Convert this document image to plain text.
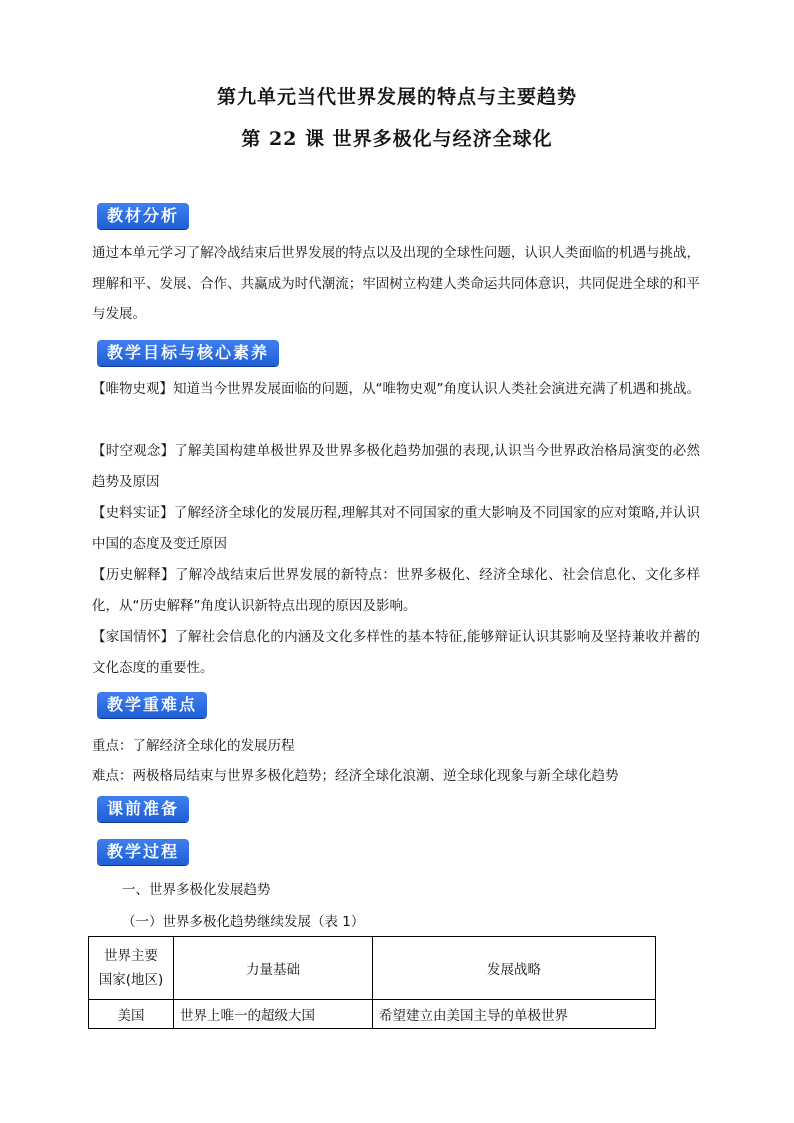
第九单元当代世界发展的特点与主要趋势
第 22 课 世界多极化与经济全球化
教材分析
通过本单元学习了解冷战结束后世界发展的特点以及出现的全球性问题，认识人类面临的机遇与挑战，理解和平、发展、合作、共赢成为时代潮流；牢固树立构建人类命运共同体意识，共同促进全球的和平与发展。
教学目标与核心素养
【唯物史观】知道当今世界发展面临的问题，从“唯物史观”角度认识人类社会演进充满了机遇和挑战。
【时空观念】了解美国构建单极世界及世界多极化趋势加强的表现,认识当今世界政治格局演变的必然趋势及原因
【史料实证】了解经济全球化的发展历程,理解其对不同国家的重大影响及不同国家的应对策略,并认识中国的态度及变迁原因
【历史解释】了解冷战结束后世界发展的新特点：世界多极化、经济全球化、社会信息化、文化多样化，从“历史解释”角度认识新特点出现的原因及影响。
【家国情怀】了解社会信息化的内涵及文化多样性的基本特征,能够辩证认识其影响及坚持兼收并蓄的文化态度的重要性。
教学重难点
重点：了解经济全球化的发展历程
难点：两极格局结束与世界多极化趋势；经济全球化浪潮、逆全球化现象与新全球化趋势
课前准备
教学过程
一、世界多极化发展趋势
（一）世界多极化趋势继续发展（表 1）
世界主要
国家(地区)	力量基础	发展战略
美国	世界上唯一的超级大国	希望建立由美国主导的单极世界
